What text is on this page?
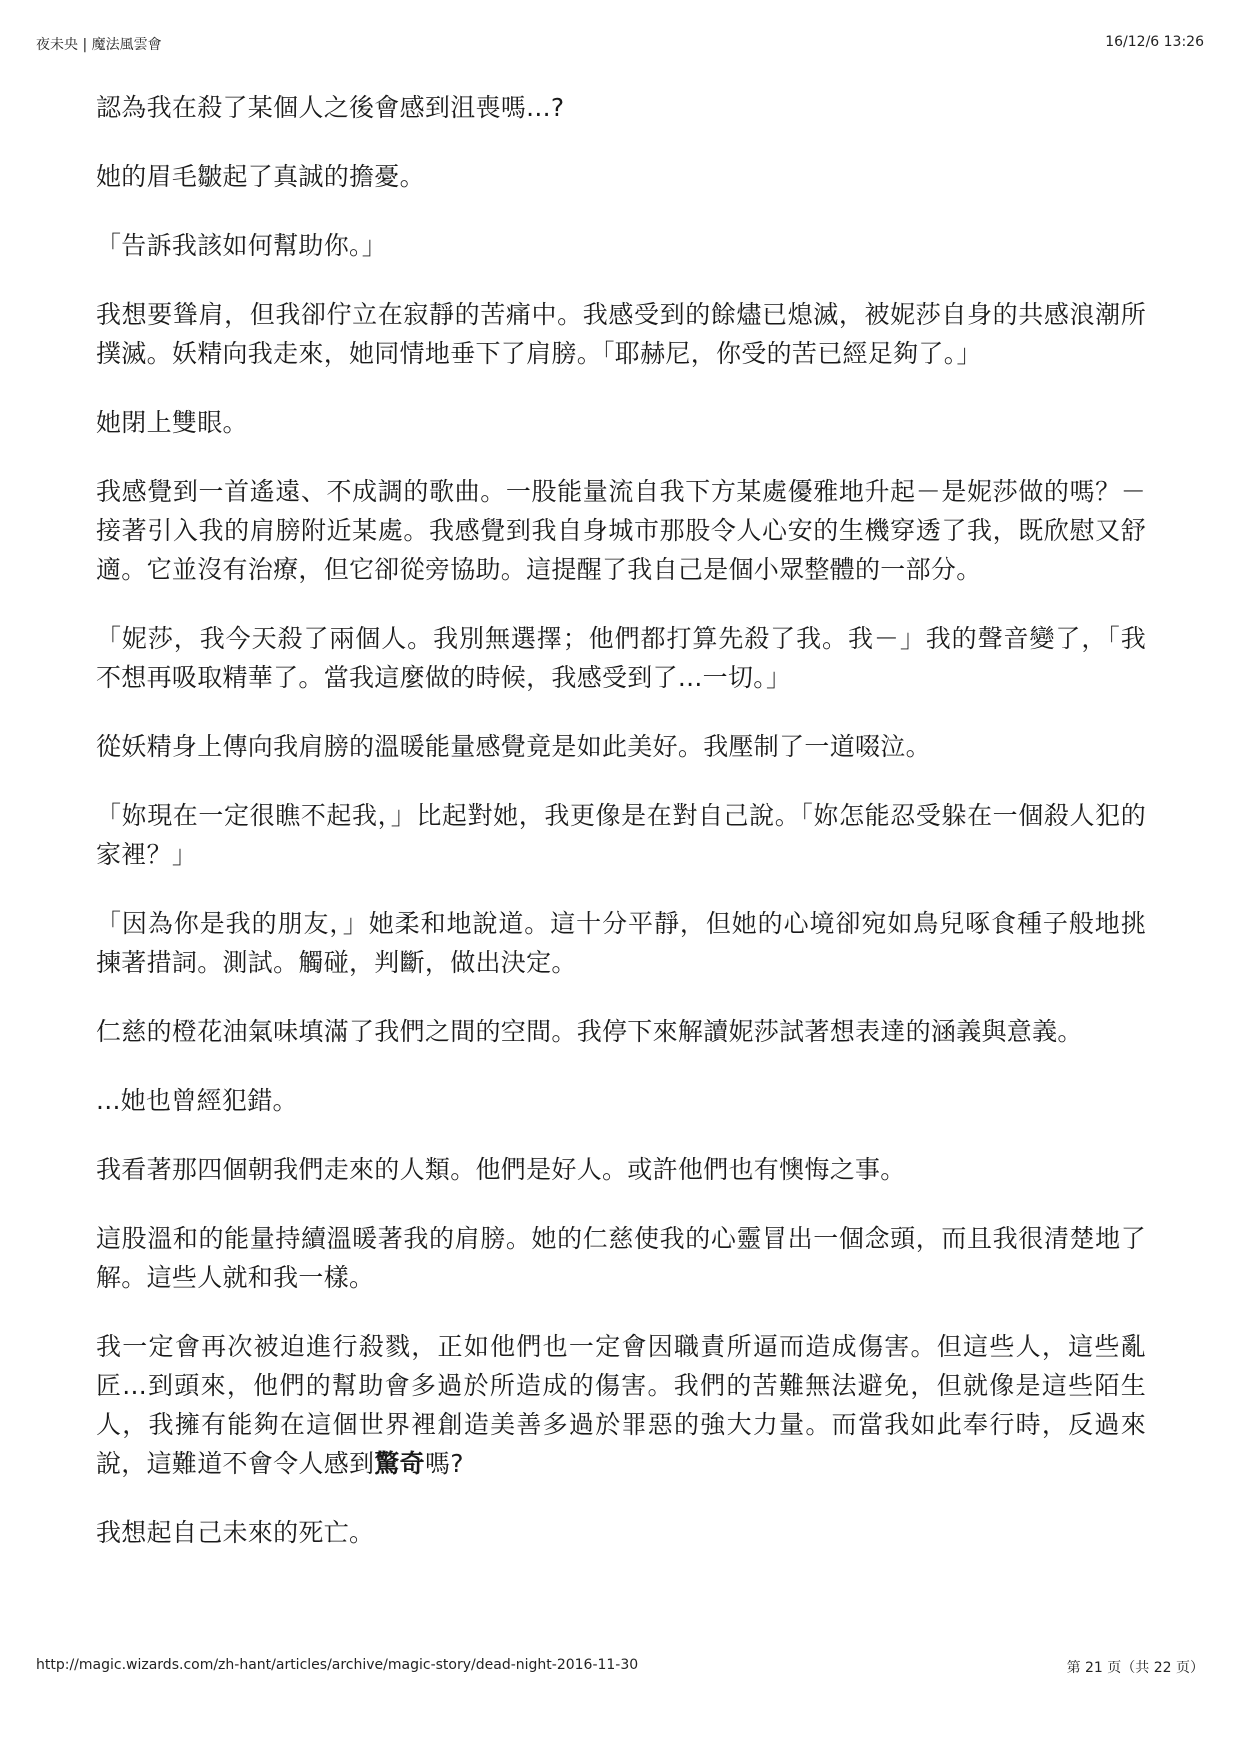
夜未央 | 魔法風雲會	16/12/6 13:26

認為我在殺了某個人之後會感到沮喪嗎...?

她的眉毛皺起了真誠的擔憂。

「告訴我該如何幫助你。」

我想要聳肩，但我卻佇立在寂靜的苦痛中。我感受到的餘燼已熄滅，被妮莎自身的共感浪潮所撲滅。妖精向我走來，她同情地垂下了肩膀。「耶赫尼，你受的苦已經足夠了。」

她閉上雙眼。

我感覺到一首遙遠、不成調的歌曲。一股能量流自我下方某處優雅地升起－是妮莎做的嗎？－接著引入我的肩膀附近某處。我感覺到我自身城市那股令人心安的生機穿透了我，既欣慰又舒適。它並沒有治療，但它卻從旁協助。這提醒了我自己是個小眾整體的一部分。

「妮莎，我今天殺了兩個人。我別無選擇；他們都打算先殺了我。我－」我的聲音變了，「我不想再吸取精華了。當我這麼做的時候，我感受到了...一切。」

從妖精身上傳向我肩膀的溫暖能量感覺竟是如此美好。我壓制了一道啜泣。

「妳現在一定很瞧不起我，」比起對她，我更像是在對自己說。「妳怎能忍受躲在一個殺人犯的家裡？」

「因為你是我的朋友，」她柔和地說道。這十分平靜，但她的心境卻宛如鳥兒啄食種子般地挑揀著措詞。測試。觸碰，判斷，做出決定。

仁慈的橙花油氣味填滿了我們之間的空間。我停下來解讀妮莎試著想表達的涵義與意義。

...她也曾經犯錯。

我看著那四個朝我們走來的人類。他們是好人。或許他們也有懊悔之事。

這股溫和的能量持續溫暖著我的肩膀。她的仁慈使我的心靈冒出一個念頭，而且我很清楚地了解。這些人就和我一樣。

我一定會再次被迫進行殺戮，正如他們也一定會因職責所逼而造成傷害。但這些人，這些亂匠...到頭來，他們的幫助會多過於所造成的傷害。我們的苦難無法避免，但就像是這些陌生人，我擁有能夠在這個世界裡創造美善多過於罪惡的強大力量。而當我如此奉行時，反過來說，這難道不會令人感到驚奇嗎?

我想起自己未來的死亡。

http://magic.wizards.com/zh-hant/articles/archive/magic-story/dead-night-2016-11-30	第 21 页（共 22 页）
